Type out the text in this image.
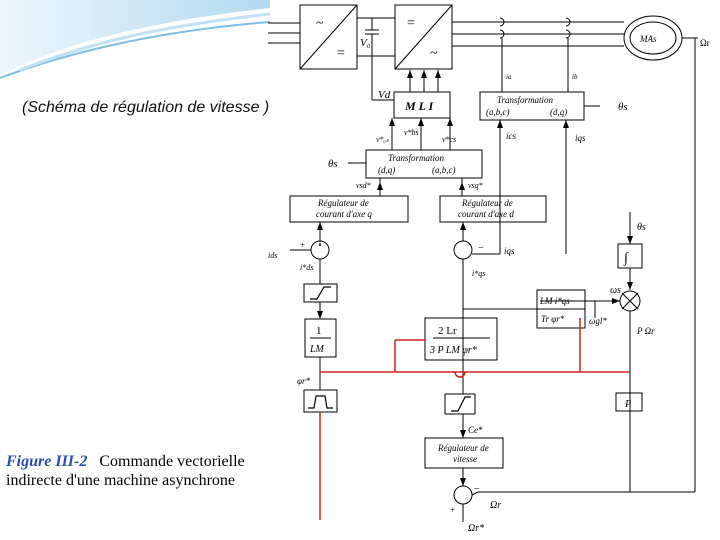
(Schéma de régulation de vitesse )
Figure III-2 Commande vectorielle
indirecte d'une machine asynchrone
~
=
=
~
V₀
Vd
MAs	Ωr
M L I	Transformation
(a,b,c)	(d,q)	θs
ia	ib
ics	iqs
v*ₐₛ
v*bs
v*cs
Transformation
(d,q)	(a,b,c)
θs
vsd*	vsq*
Régulateur de
courant d'axe q
Régulateur de
courant d'axe d
ids	iqs
i*ds
i*qs
+	−
∫
θs
ωs
ωgl*
LM i*qs
Tr φr*
P Ωr
1
LM
2 Lr
3 P LM φr*
φr*
P
Ce*
Régulateur de
vitesse
Ωr
Ωr*
+
−
